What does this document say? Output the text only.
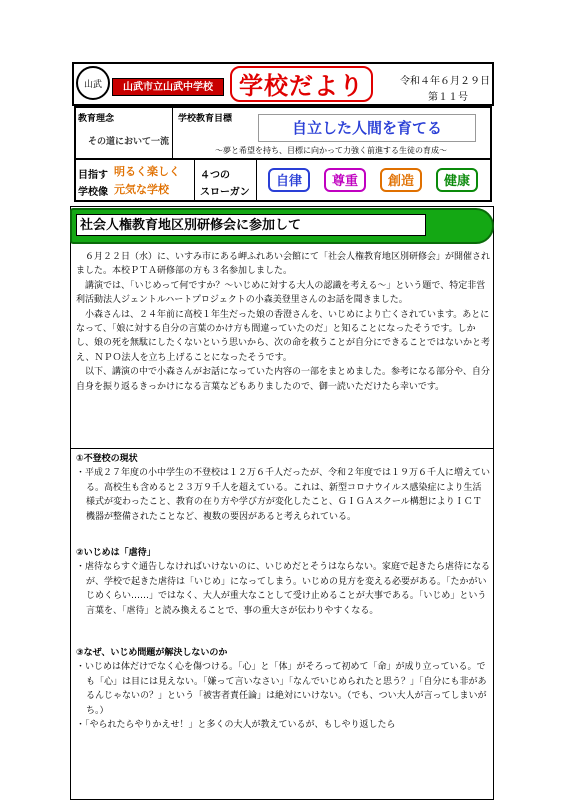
山武	山武市立山武中学校	学校だより	令和４年６月２９日
第１１号
教育理念
その道において一流
学校教育目標	自立した人間を育てる
～夢と希望を持ち、目標に向かって力強く前進する生徒の育成～
目指す
学校像
明るく楽しく
元気な学校
４つの
スローガン
自律	尊重	創造	健康
社会人権教育地区別研修会に参加して

６月２２日（水）に、いすみ市にある岬ふれあい会館にて「社会人権教育地区別研修会」が開催されました。本校ＰＴＡ研修部の方も３名参加しました。

講演では、「いじめって何ですか？～いじめに対する大人の認識を考える～」という題で、特定非営利活動法人ジェントルハートプロジェクトの小森美登里さんのお話を聞きました。

小森さんは、２４年前に高校１年生だった娘の香澄さんを、いじめにより亡くされています。あとになって、「娘に対する自分の言葉のかけ方も間違っていたのだ」と知ることになったそうです。しかし、娘の死を無駄にしたくないという思いから、次の命を救うことが自分にできることではないかと考え、ＮＰＯ法人を立ち上げることになったそうです。

以下、講演の中で小森さんがお話になっていた内容の一部をまとめました。参考になる部分や、自分自身を振り返るきっかけになる言葉などもありましたので、御一読いただけたら幸いです。

①不登校の現状

・平成２７年度の小中学生の不登校は１２万６千人だったが、令和２年度では１９万６千人に増えている。高校生も含めると２３万９千人を超えている。これは、新型コロナウイルス感染症により生活様式が変わったこと、教育の在り方や学び方が変化したこと、ＧＩＧＡスクール構想によりＩＣＴ機器が整備されたことなど、複数の要因があると考えられている。

②いじめは「虐待」

・虐待ならすぐ通告しなければいけないのに、いじめだとそうはならない。家庭で起きたら虐待になるが、学校で起きた虐待は「いじめ」になってしまう。いじめの見方を変える必要がある。「たかがいじめくらい……」ではなく、大人が重大なことして受け止めることが大事である。「いじめ」という言葉を、「虐待」と読み換えることで、事の重大さが伝わりやすくなる。

③なぜ、いじめ問題が解決しないのか

・いじめは体だけでなく心を傷つける。「心」と「体」がそろって初めて「命」が成り立っている。でも「心」は目には見えない。「嫌って言いなさい」「なんでいじめられたと思う？」「自分にも非があるんじゃないの？」という「被害者責任論」は絶対にいけない。（でも、つい大人が言ってしまいがち。）

・「やられたらやりかえせ！」と多くの大人が教えているが、もしやり返したら
